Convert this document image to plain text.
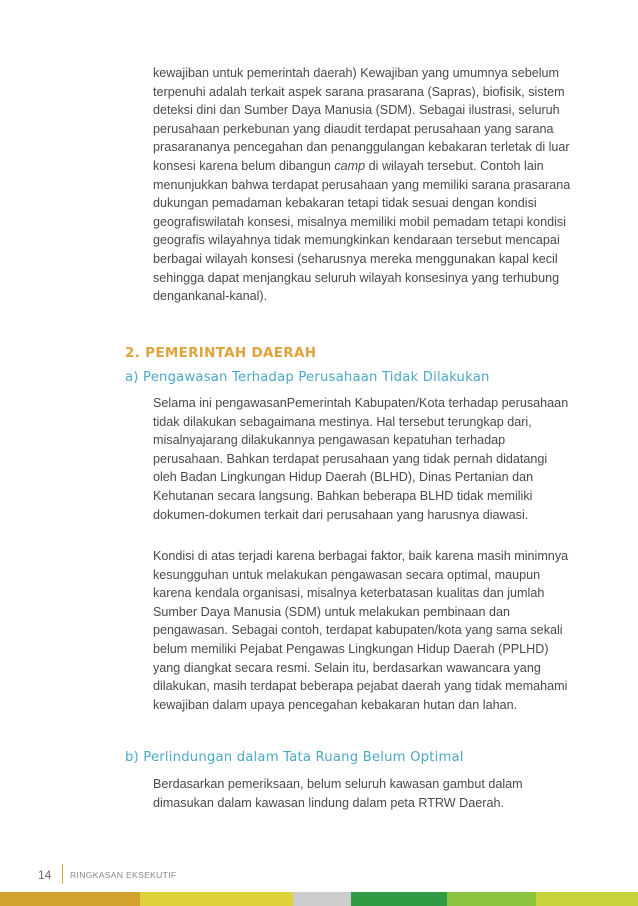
kewajiban untuk pemerintah daerah) Kewajiban yang umumnya sebelum terpenuhi adalah terkait aspek sarana prasarana (Sapras), biofisik, sistem deteksi dini dan Sumber Daya Manusia (SDM). Sebagai ilustrasi, seluruh perusahaan perkebunan yang diaudit terdapat perusahaan yang sarana prasarananya pencegahan dan penanggulangan kebakaran terletak di luar konsesi karena belum dibangun camp di wilayah tersebut. Contoh lain menunjukkan bahwa terdapat perusahaan yang memiliki sarana prasarana dukungan pemadaman kebakaran tetapi tidak sesuai dengan kondisi geografiswilatah konsesi, misalnya memiliki mobil pemadam tetapi kondisi geografis wilayahnya tidak memungkinkan kendaraan tersebut mencapai berbagai wilayah konsesi (seharusnya mereka menggunakan kapal kecil sehingga dapat menjangkau seluruh wilayah konsesinya yang terhubung dengankanal-kanal).

2. PEMERINTAH DAERAH
a) Pengawasan Terhadap Perusahaan Tidak Dilakukan

Selama ini pengawasanPemerintah Kabupaten/Kota terhadap perusahaan tidak dilakukan sebagaimana mestinya. Hal tersebut terungkap dari, misalnyajarang dilakukannya pengawasan kepatuhan terhadap perusahaan. Bahkan terdapat perusahaan yang tidak pernah didatangi oleh Badan Lingkungan Hidup Daerah (BLHD), Dinas Pertanian dan Kehutanan secara langsung. Bahkan beberapa BLHD tidak memiliki dokumen-dokumen terkait dari perusahaan yang harusnya diawasi.

Kondisi di atas terjadi karena berbagai faktor, baik karena masih minimnya kesungguhan untuk melakukan pengawasan secara optimal, maupun karena kendala organisasi, misalnya keterbatasan kualitas dan jumlah Sumber Daya Manusia (SDM) untuk melakukan pembinaan dan pengawasan. Sebagai contoh, terdapat kabupaten/kota yang sama sekali belum memiliki Pejabat Pengawas Lingkungan Hidup Daerah (PPLHD) yang diangkat secara resmi. Selain itu, berdasarkan wawancara yang dilakukan, masih terdapat beberapa pejabat daerah yang tidak memahami kewajiban dalam upaya pencegahan kebakaran hutan dan lahan.

b) Perlindungan dalam Tata Ruang Belum Optimal

Berdasarkan pemeriksaan, belum seluruh kawasan gambut dalam dimasukan dalam kawasan lindung dalam peta RTRW Daerah.

14 RINGKASAN EKSEKUTIF
